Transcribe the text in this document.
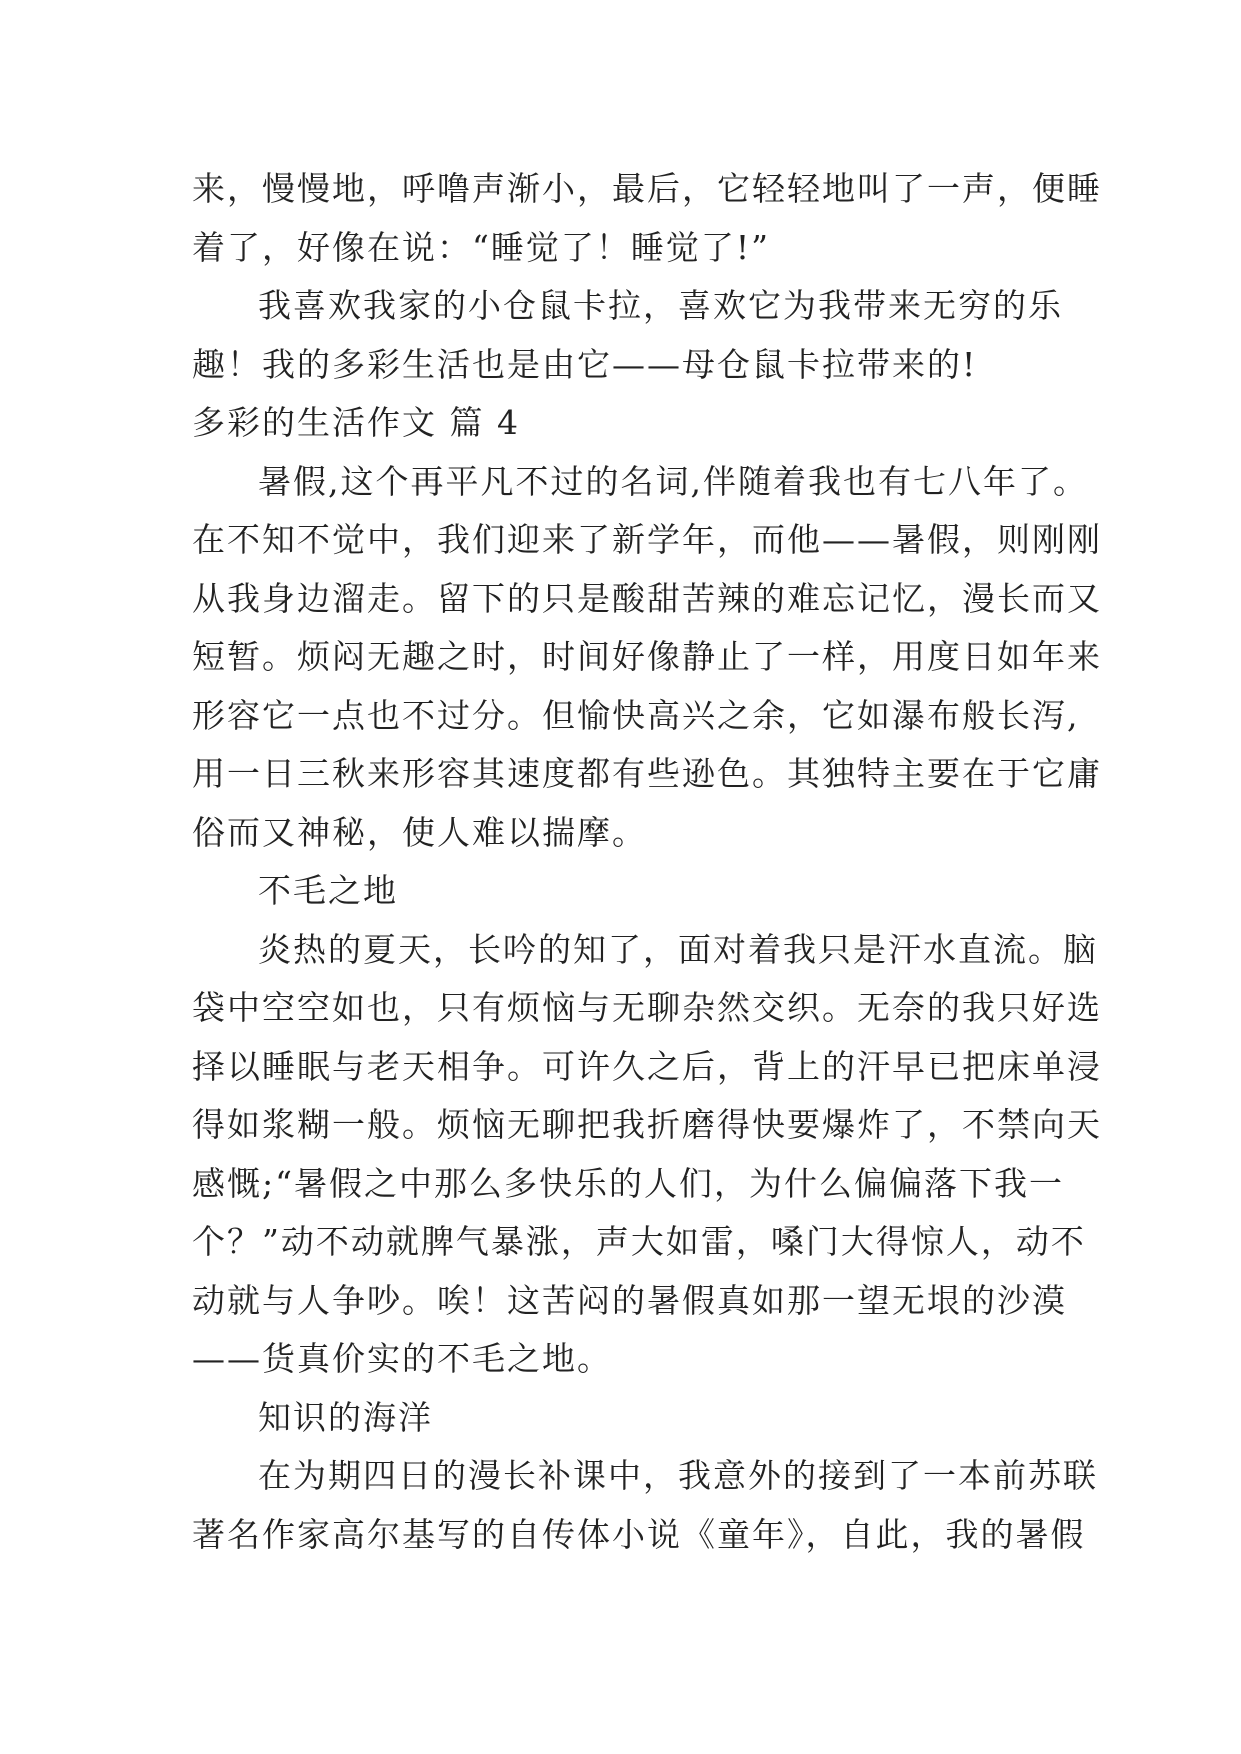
来，慢慢地，呼噜声渐小，最后，它轻轻地叫了一声，便睡
着了，好像在说：“睡觉了！睡觉了!”
我喜欢我家的小仓鼠卡拉，喜欢它为我带来无穷的乐
趣！我的多彩生活也是由它——母仓鼠卡拉带来的!
多彩的生活作文 篇 4
暑假,这个再平凡不过的名词,伴随着我也有七八年了。
在不知不觉中，我们迎来了新学年，而他——暑假，则刚刚
从我身边溜走。留下的只是酸甜苦辣的难忘记忆，漫长而又
短暂。烦闷无趣之时，时间好像静止了一样，用度日如年来
形容它一点也不过分。但愉快高兴之余，它如瀑布般长泻,
用一日三秋来形容其速度都有些逊色。其独特主要在于它庸
俗而又神秘，使人难以揣摩。
不毛之地
炎热的夏天，长吟的知了，面对着我只是汗水直流。脑
袋中空空如也，只有烦恼与无聊杂然交织。无奈的我只好选
择以睡眠与老天相争。可许久之后，背上的汗早已把床单浸
得如浆糊一般。烦恼无聊把我折磨得快要爆炸了，不禁向天
感慨;“暑假之中那么多快乐的人们，为什么偏偏落下我一
个？”动不动就脾气暴涨，声大如雷，嗓门大得惊人，动不
动就与人争吵。唉！这苦闷的暑假真如那一望无垠的沙漠
——货真价实的不毛之地。
知识的海洋
在为期四日的漫长补课中，我意外的接到了一本前苏联
著名作家高尔基写的自传体小说《童年》，自此，我的暑假
